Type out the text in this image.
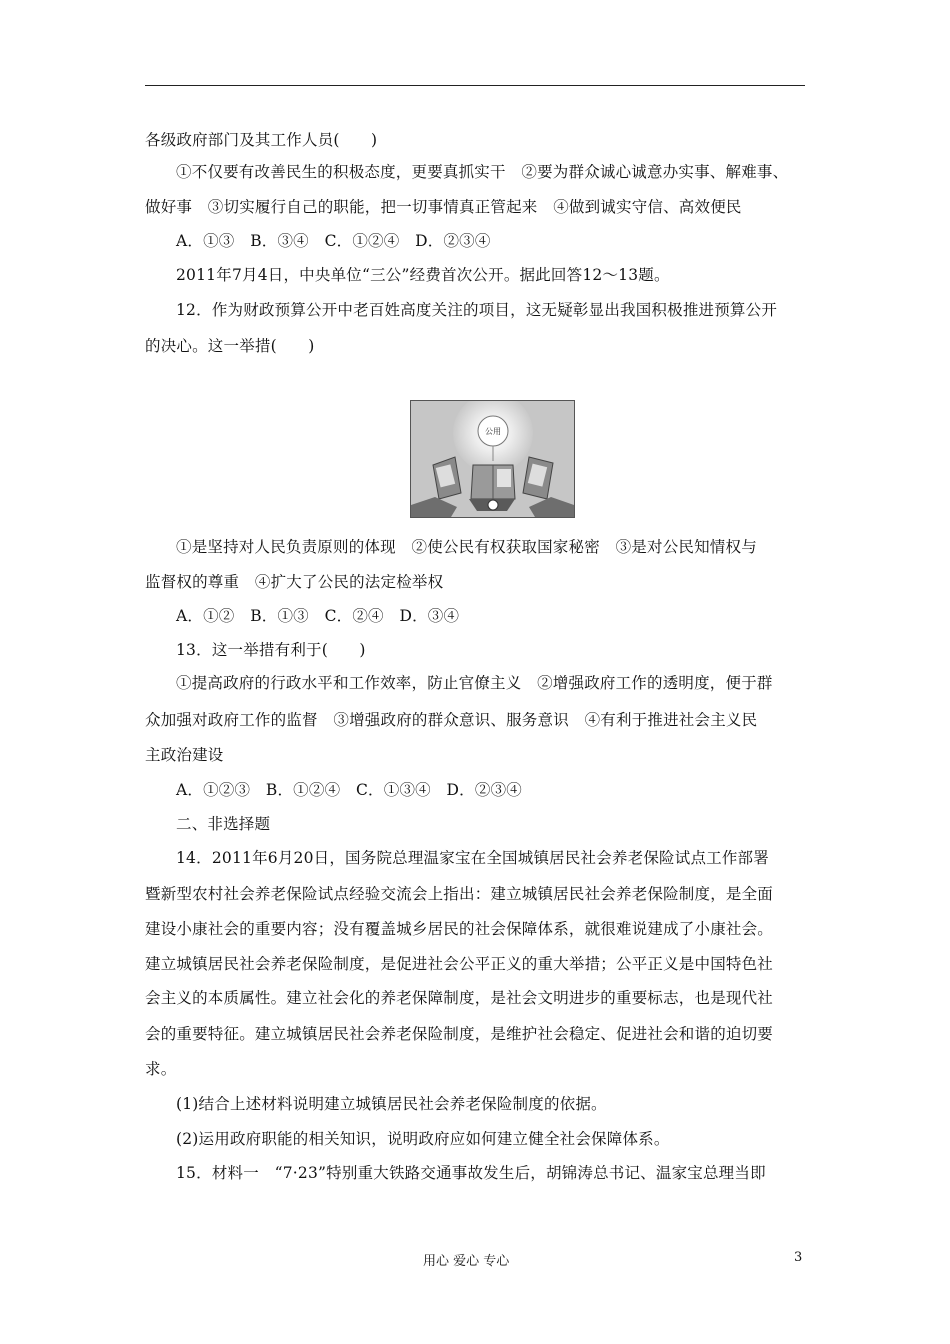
各级政府部门及其工作人员(　　)
①不仅要有改善民生的积极态度，更要真抓实干　②要为群众诚心诚意办实事、解难事、
做好事　③切实履行自己的职能，把一切事情真正管起来　④做到诚实守信、高效便民
A．①③　B．③④　C．①②④　D．②③④
2011年7月4日，中央单位“三公”经费首次公开。据此回答12～13题。
12．作为财政预算公开中老百姓高度关注的项目，这无疑彰显出我国积极推进预算公开
的决心。这一举措(　　)
公用
①是坚持对人民负责原则的体现　②使公民有权获取国家秘密　③是对公民知情权与
监督权的尊重　④扩大了公民的法定检举权
A．①②　B．①③　C．②④　D．③④
13．这一举措有利于(　　)
①提高政府的行政水平和工作效率，防止官僚主义　②增强政府工作的透明度，便于群
众加强对政府工作的监督　③增强政府的群众意识、服务意识　④有利于推进社会主义民
主政治建设
A．①②③　B．①②④　C．①③④　D．②③④
二、非选择题
14．2011年6月20日，国务院总理温家宝在全国城镇居民社会养老保险试点工作部署
暨新型农村社会养老保险试点经验交流会上指出：建立城镇居民社会养老保险制度，是全面
建设小康社会的重要内容；没有覆盖城乡居民的社会保障体系，就很难说建成了小康社会。
建立城镇居民社会养老保险制度，是促进社会公平正义的重大举措；公平正义是中国特色社
会主义的本质属性。建立社会化的养老保障制度，是社会文明进步的重要标志，也是现代社
会的重要特征。建立城镇居民社会养老保险制度，是维护社会稳定、促进社会和谐的迫切要
求。
(1)结合上述材料说明建立城镇居民社会养老保险制度的依据。
(2)运用政府职能的相关知识，说明政府应如何建立健全社会保障体系。
15．材料一　“7·23”特别重大铁路交通事故发生后，胡锦涛总书记、温家宝总理当即
用心 爱心 专心	3
